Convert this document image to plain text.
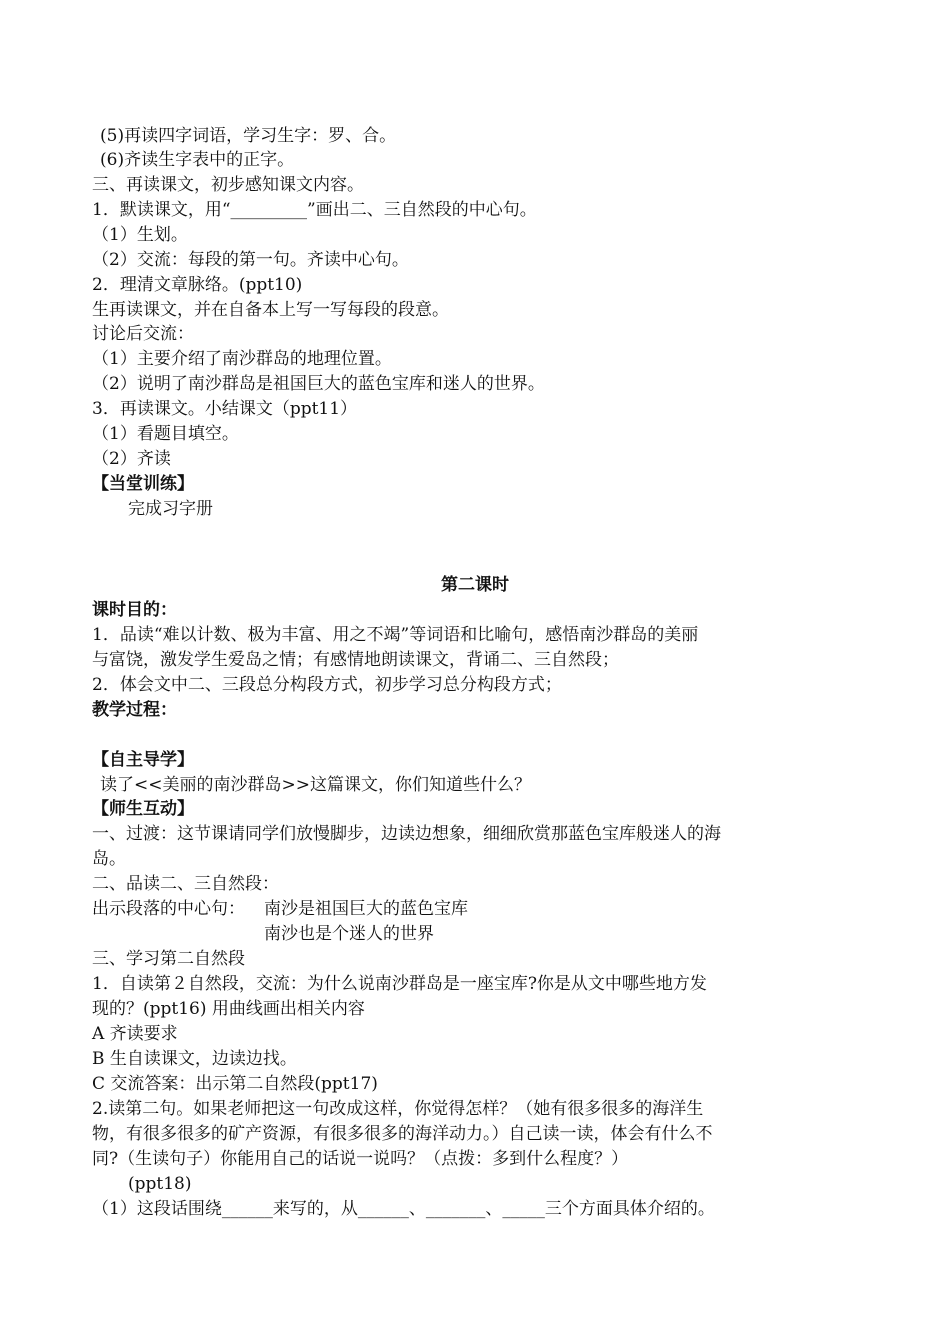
(5)再读四字词语，学习生字：罗、合。
(6)齐读生字表中的正字。
三、再读课文，初步感知课文内容。
1．默读课文，用“_________”画出二、三自然段的中心句。
（1）生划。
（2）交流：每段的第一句。齐读中心句。
2．理清文章脉络。(ppt10)
生再读课文，并在自备本上写一写每段的段意。
讨论后交流：
（1）主要介绍了南沙群岛的地理位置。
（2）说明了南沙群岛是祖国巨大的蓝色宝库和迷人的世界。
3．再读课文。小结课文（ppt11）
（1）看题目填空。
（2）齐读
【当堂训练】
完成习字册
第二课时
课时目的：
1．品读“难以计数、极为丰富、用之不竭”等词语和比喻句，感悟南沙群岛的美丽
与富饶，激发学生爱岛之情；有感情地朗读课文，背诵二、三自然段；
2．体会文中二、三段总分构段方式，初步学习总分构段方式；
教学过程：
【自主导学】
读了<<美丽的南沙群岛>>这篇课文，你们知道些什么？
【师生互动】
一、过渡：这节课请同学们放慢脚步，边读边想象，细细欣赏那蓝色宝库般迷人的海
岛。
二、品读二、三自然段：
出示段落的中心句： 南沙是祖国巨大的蓝色宝库
南沙也是个迷人的世界
三、学习第二自然段
1．自读第２自然段，交流：为什么说南沙群岛是一座宝库?你是从文中哪些地方发
现的？(ppt16) 用曲线画出相关内容
A 齐读要求
B 生自读课文，边读边找。
C 交流答案：出示第二自然段(ppt17)
2.读第二句。如果老师把这一句改成这样，你觉得怎样？（她有很多很多的海洋生
物，有很多很多的矿产资源，有很多很多的海洋动力。）自己读一读，体会有什么不
同?（生读句子）你能用自己的话说一说吗？（点拨：多到什么程度？）
(ppt18)
（1）这段话围绕______来写的，从______、_______、_____三个方面具体介绍的。
